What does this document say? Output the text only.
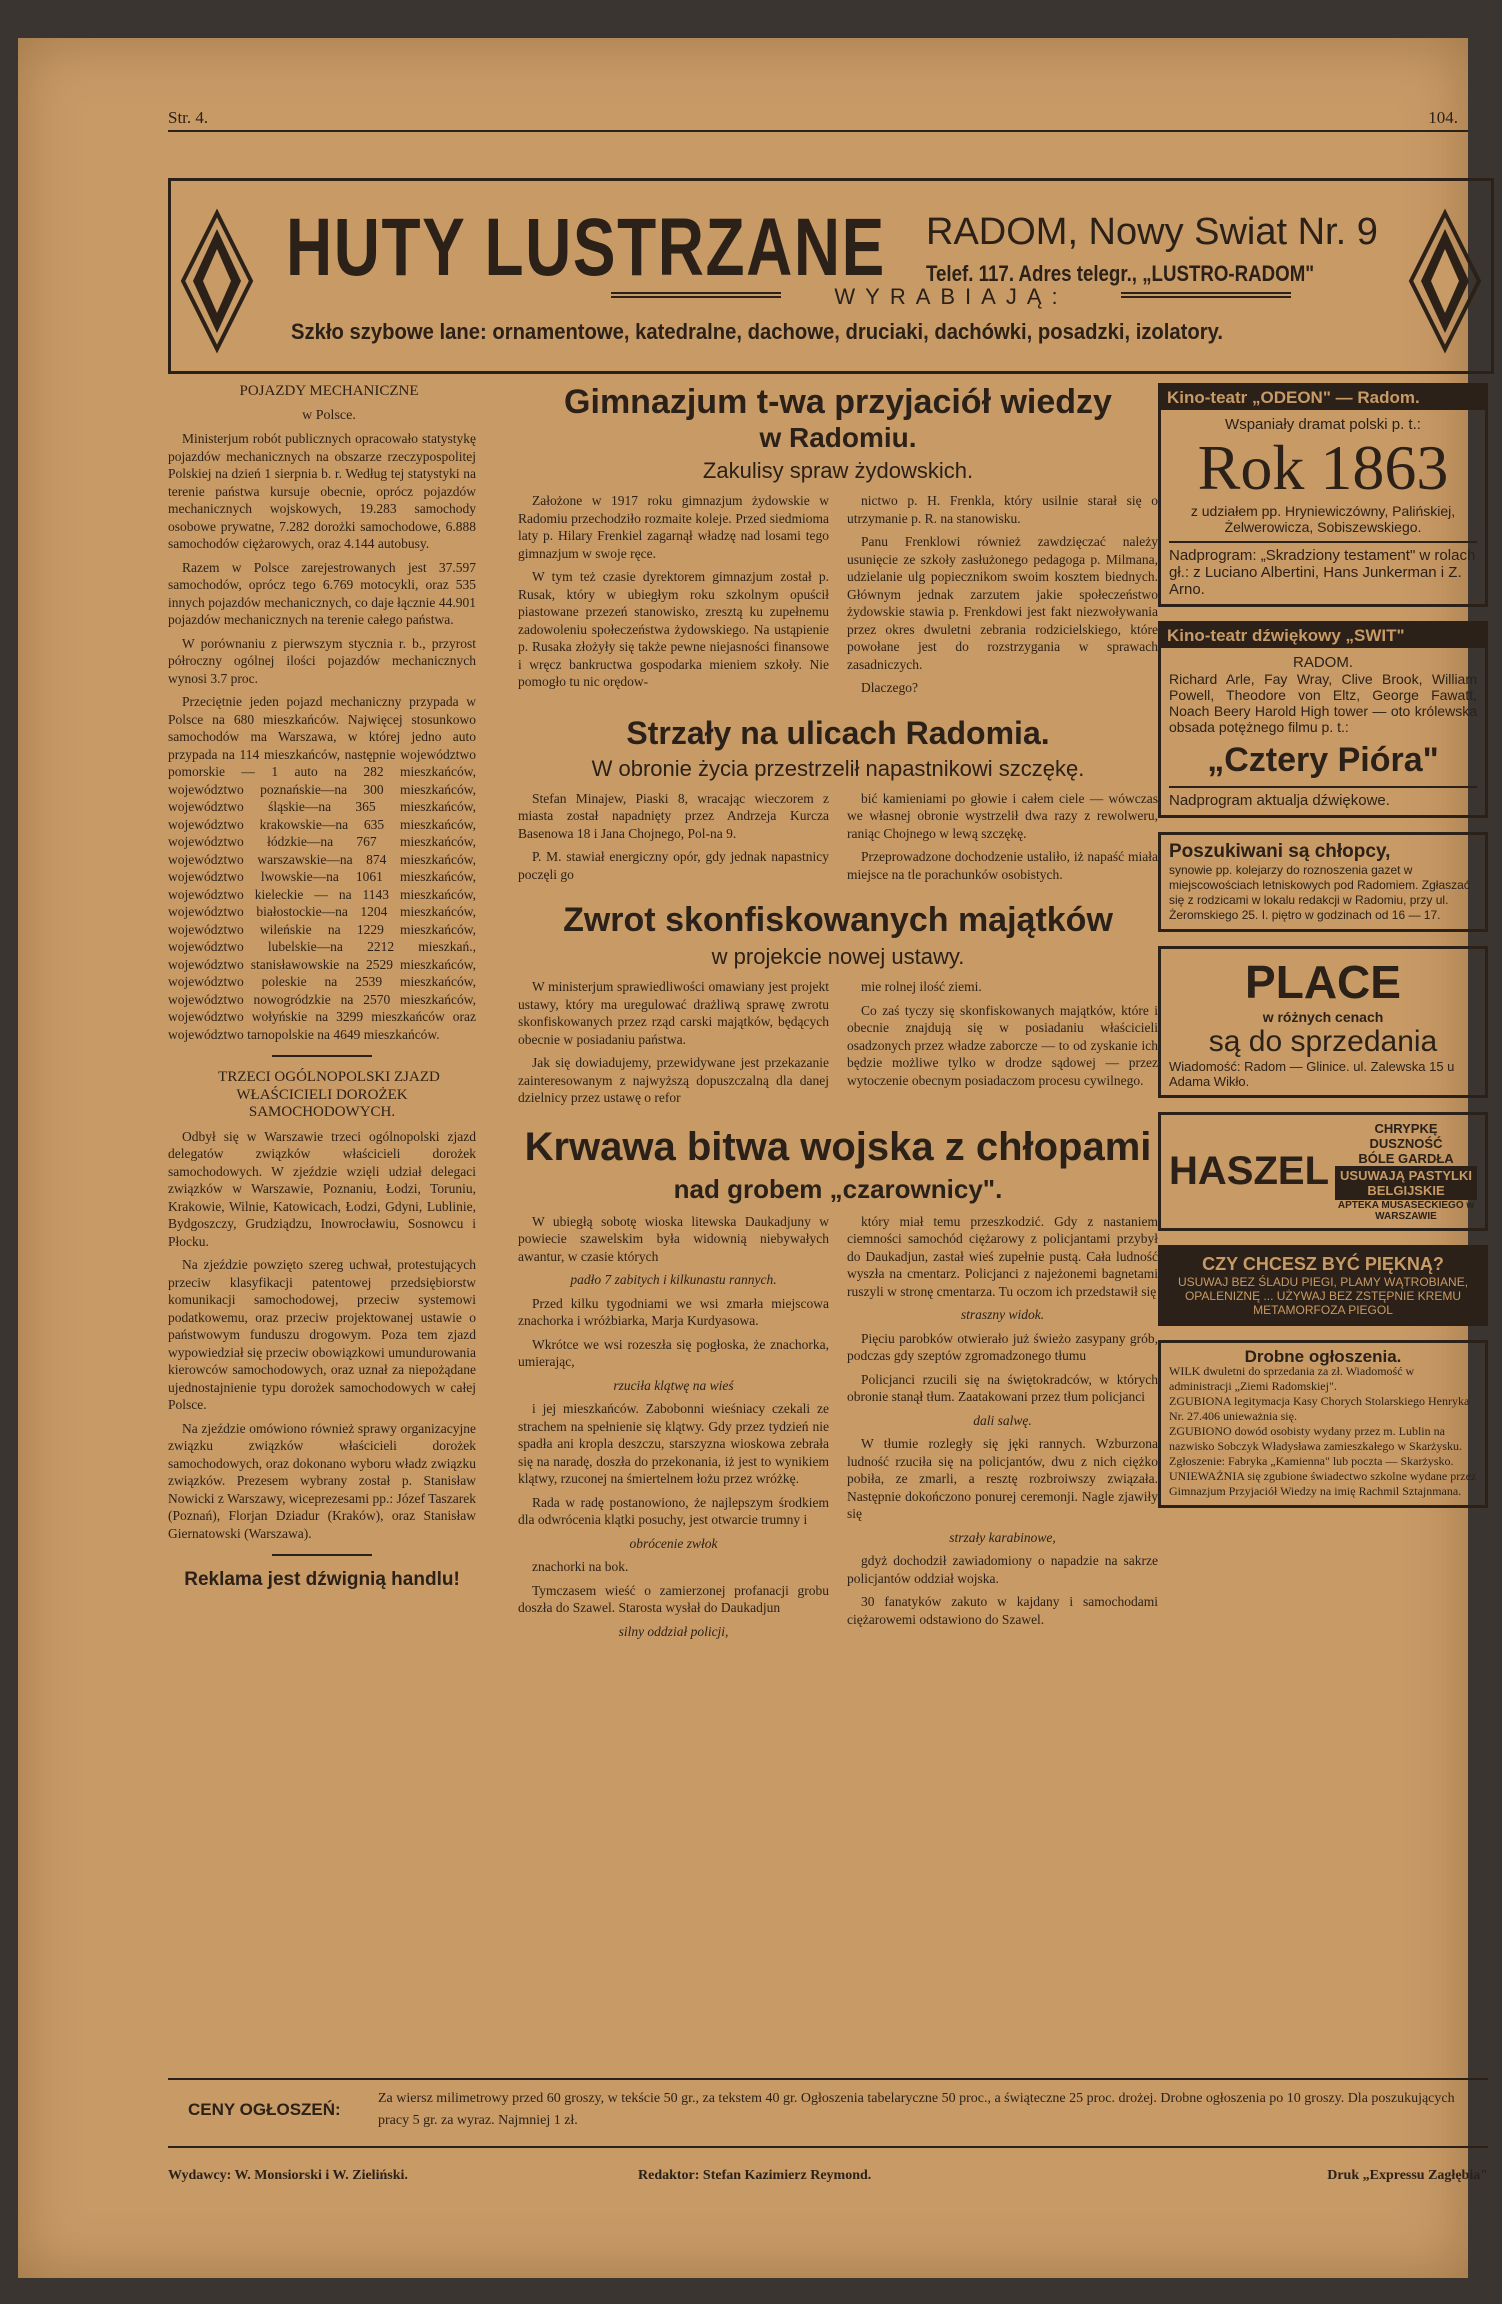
Str. 4.	104.
HUTY LUSTRZANE RADOM, Nowy Swiat Nr. 9
Telef. 117. Adres telegr., „LUSTRO-RADOM"
WYRABIAJĄ:
Szkło szybowe lane: ornamentowe, katedralne, dachowe, druciaki, dachówki, posadzki, izolatory.

POJAZDY MECHANICZNE

w Polsce.

Ministerjum robót publicznych opracowało statystykę pojazdów mechanicznych na obszarze rzeczypospolitej Polskiej na dzień 1 sierpnia b. r. Według tej statystyki na terenie państwa kursuje obecnie, oprócz pojazdów mechanicznych wojskowych, 19.283 samochody osobowe prywatne, 7.282 dorożki samochodowe, 6.888 samochodów ciężarowych, oraz 4.144 autobusy.

Razem w Polsce zarejestrowanych jest 37.597 samochodów, oprócz tego 6.769 motocykli, oraz 535 innych pojazdów mechanicznych, co daje łącznie 44.901 pojazdów mechanicznych na terenie całego państwa.

W porównaniu z pierwszym stycznia r. b., przyrost półroczny ogólnej ilości pojazdów mechanicznych wynosi 3.7 proc.

Przeciętnie jeden pojazd mechaniczny przypada w Polsce na 680 mieszkańców. Najwięcej stosunkowo samochodów ma Warszawa, w której jedno auto przypada na 114 mieszkańców, następnie województwo pomorskie — 1 auto na 282 mieszkańców, województwo poznańskie—na 300 mieszkańców, województwo śląskie—na 365 mieszkańców, województwo krakowskie—na 635 mieszkańców, województwo łódzkie—na 767 mieszkańców, województwo warszawskie—na 874 mieszkańców, województwo lwowskie—na 1061 mieszkańców, województwo kieleckie — na 1143 mieszkańców, województwo białostockie—na 1204 mieszkańców, województwo wileńskie na 1229 mieszkańców, województwo lubelskie—na 2212 mieszkań., województwo stanisławowskie na 2529 mieszkańców, województwo poleskie na 2539 mieszkańców, województwo nowogródzkie na 2570 mieszkańców, województwo wołyńskie na 3299 mieszkańców oraz województwo tarnopolskie na 4649 mieszkańców.

TRZECI OGÓLNOPOLSKI ZJAZD WŁAŚCICIELI DOROŻEK SAMOCHODOWYCH.

Odbył się w Warszawie trzeci ogólnopolski zjazd delegatów związków właścicieli dorożek samochodowych. W zjeździe wzięli udział delegaci związków w Warszawie, Poznaniu, Łodzi, Toruniu, Krakowie, Wilnie, Katowicach, Łodzi, Gdyni, Lublinie, Bydgoszczy, Grudziądzu, Inowrocławiu, Sosnowcu i Płocku.

Na zjeździe powzięto szereg uchwał, protestujących przeciw klasyfikacji patentowej przedsiębiorstw komunikacji samochodowej, przeciw systemowi podatkowemu, oraz przeciw projektowanej ustawie o państwowym funduszu drogowym. Poza tem zjazd wypowiedział się przeciw obowiązkowi umundurowania kierowców samochodowych, oraz uznał za niepożądane ujednostajnienie typu dorożek samochodowych w całej Polsce.

Na zjeździe omówiono również sprawy organizacyjne związku związków właścicieli dorożek samochodowych, oraz dokonano wyboru władz związku związków. Prezesem wybrany został p. Stanisław Nowicki z Warszawy, wiceprezesami pp.: Józef Taszarek (Poznań), Florjan Dziadur (Kraków), oraz Stanisław Giernatowski (Warszawa).

Reklama jest dźwignią handlu!

Gimnazjum t-wa przyjaciół wiedzy
w Radomiu.
Zakulisy spraw żydowskich.

Założone w 1917 roku gimnazjum żydowskie w Radomiu przechodziło rozmaite koleje. Przed siedmioma laty p. Hilary Frenkiel zagarnął władzę nad losami tego gimnazjum w swoje ręce.

W tym też czasie dyrektorem gimnazjum został p. Rusak, który w ubiegłym roku szkolnym opuścił piastowane przezeń stanowisko, zresztą ku zupełnemu zadowoleniu społeczeństwa żydowskiego. Na ustąpienie p. Rusaka złożyły się także pewne niejasności finansowe i wręcz bankructwa gospodarka mieniem szkoły. Nie pomogło tu nic orędow-

nictwo p. H. Frenkla, który usilnie starał się o utrzymanie p. R. na stanowisku.

Panu Frenklowi również zawdzięczać należy usunięcie ze szkoły zasłużonego pedagoga p. Milmana, udzielanie ulg popiecznikom swoim kosztem biednych. Głównym jednak zarzutem jakie społeczeństwo żydowskie stawia p. Frenkdowi jest fakt niezwoływania przez okres dwuletni zebrania rodzicielskiego, które powołane jest do rozstrzygania w sprawach zasadniczych.

Dlaczego?

Strzały na ulicach Radomia.
W obronie życia przestrzelił napastnikowi szczękę.

Stefan Minajew, Piaski 8, wracając wieczorem z miasta został napadnięty przez Andrzeja Kurcza Basenowa 18 i Jana Chojnego, Pol-na 9.

P. M. stawiał energiczny opór, gdy jednak napastnicy poczęli go

bić kamieniami po głowie i całem ciele — wówczas we własnej obronie wystrzelił dwa razy z rewolweru, raniąc Chojnego w lewą szczękę.

Przeprowadzone dochodzenie ustaliło, iż napaść miała miejsce na tle porachunków osobistych.

Zwrot skonfiskowanych majątków
w projekcie nowej ustawy.

W ministerjum sprawiedliwości omawiany jest projekt ustawy, który ma uregulować drażliwą sprawę zwrotu skonfiskowanych przez rząd carski majątków, będących obecnie w posiadaniu państwa.

Jak się dowiadujemy, przewidywane jest przekazanie zainteresowanym z najwyższą dopuszczalną dla danej dzielnicy przez ustawę o refor

mie rolnej ilość ziemi.

Co zaś tyczy się skonfiskowanych majątków, które i obecnie znajdują się w posiadaniu właścicieli osadzonych przez władze zaborcze — to od zyskanie ich będzie możliwe tylko w drodze sądowej — przez wytoczenie obecnym posiadaczom procesu cywilnego.

Krwawa bitwa wojska z chłopami
nad grobem „czarownicy".

W ubiegłą sobotę wioska litewska Daukadjuny w powiecie szawelskim była widownią niebywałych awantur, w czasie których

padło 7 zabitych i kilkunastu rannych.

Przed kilku tygodniami we wsi zmarła miejscowa znachorka i wróżbiarka, Marja Kurdyasowa.

Wkrótce we wsi rozeszła się pogłoska, że znachorka, umierając,

rzuciła klątwę na wieś

i jej mieszkańców. Zabobonni wieśniacy czekali ze strachem na spełnienie się klątwy. Gdy przez tydzień nie spadła ani kropla deszczu, starszyzna wioskowa zebrała się na naradę, doszła do przekonania, iż jest to wynikiem klątwy, rzuconej na śmiertelnem łożu przez wróżkę.

Rada w radę postanowiono, że najlepszym środkiem dla odwrócenia klątki posuchy, jest otwarcie trumny i

obrócenie zwłok

znachorki na bok.

Tymczasem wieść o zamierzonej profanacji grobu doszła do Szawel. Starosta wysłał do Daukadjun

silny oddział policji,

który miał temu przeszkodzić. Gdy z nastaniem ciemności samochód ciężarowy z policjantami przybył do Daukadjun, zastał wieś zupełnie pustą. Cała ludność wyszła na cmentarz. Policjanci z najeżonemi bagnetami ruszyli w stronę cmentarza. Tu oczom ich przedstawił się

straszny widok.

Pięciu parobków otwierało już świeżo zasypany grób, podczas gdy szeptów zgromadzonego tłumu

Policjanci rzucili się na świętokradców, w których obronie stanął tłum. Zaatakowani przez tłum policjanci

dali salwę.

W tłumie rozległy się jęki rannych. Wzburzona ludność rzuciła się na policjantów, dwu z nich ciężko pobiła, ze zmarli, a resztę rozbroiwszy związała. Następnie dokończono ponurej ceremonji. Nagle zjawiły się

strzały karabinowe,

gdyż dochodził zawiadomiony o napadzie na sakrze policjantów oddział wojska.

30 fanatyków zakuto w kajdany i samochodami ciężarowemi odstawiono do Szawel.

Kino-teatr „ODEON" — Radom.
Wspaniały dramat polski p. t.:
Rok 1863
z udziałem pp. Hryniewiczówny, Palińskiej, Żelwerowicza, Sobiszewskiego.
Nadprogram: „Skradziony testament" w rolach gł.: z Luciano Albertini, Hans Junkerman i Z. Arno.
Kino-teatr dźwiękowy „SWIT"
RADOM.
Richard Arle, Fay Wray, Clive Brook, William Powell, Theodore von Eltz, George Fawatt, Noach Beery Harold High tower — oto królewska obsada potężnego filmu p. t.:
„Cztery Pióra"
Nadprogram aktualja dźwiękowe.
Poszukiwani są chłopcy,
synowie pp. kolejarzy do roznoszenia gazet w miejscowościach letniskowych pod Radomiem. Zgłaszać się z rodzicami w lokalu redakcji w Radomiu, przy ul. Żeromskiego 25. I. piętro w godzinach od 16 — 17.
PLACE
w różnych cenach
są do sprzedania
Wiadomość: Radom — Glinice. ul. Zalewska 15 u Adama Wikło.
HASZEL
CHRYPKĘ
DUSZNOŚĆ
BÓLE GARDŁA
USUWAJĄ PASTYLKI BELGIJSKIE
APTEKA MUSASECKIEGO w WARSZAWIE
CZY CHCESZ BYĆ PIĘKNĄ?
USUWAJ BEZ ŚLADU PIEGI, PLAMY WĄTROBIANE, OPALENIZNĘ ... UŻYWAJ BEZ ZSTĘPNIE KREMU METAMORFOZA PIEGOL
Drobne ogłoszenia.
WILK dwuletni do sprzedania za zł. Wiadomość w administracji „Ziemi Radomskiej".
ZGUBIONA legitymacja Kasy Chorych Stolarskiego Henryka Nr. 27.406 unieważnia się.
ZGUBIONO dowód osobisty wydany przez m. Lublin na nazwisko Sobczyk Władysława zamieszkałego w Skarżysku. Zgłoszenie: Fabryka „Kamienna" lub poczta — Skarżysko.
UNIEWAŻNIA się zgubione świadectwo szkolne wydane przez Gimnazjum Przyjaciół Wiedzy na imię Rachmil Sztajnmana.
CENY OGŁOSZEŃ:
Za wiersz milimetrowy przed 60 groszy, w tekście 50 gr., za tekstem 40 gr. Ogłoszenia tabelaryczne 50 proc., a świąteczne 25 proc. drożej. Drobne ogłoszenia po 10 groszy. Dla poszukujących pracy 5 gr. za wyraz. Najmniej 1 zł.
Wydawcy: W. Monsiorski i W. Zieliński.	Redaktor: Stefan Kazimierz Reymond.	Druk „Expressu Zagłębia"
